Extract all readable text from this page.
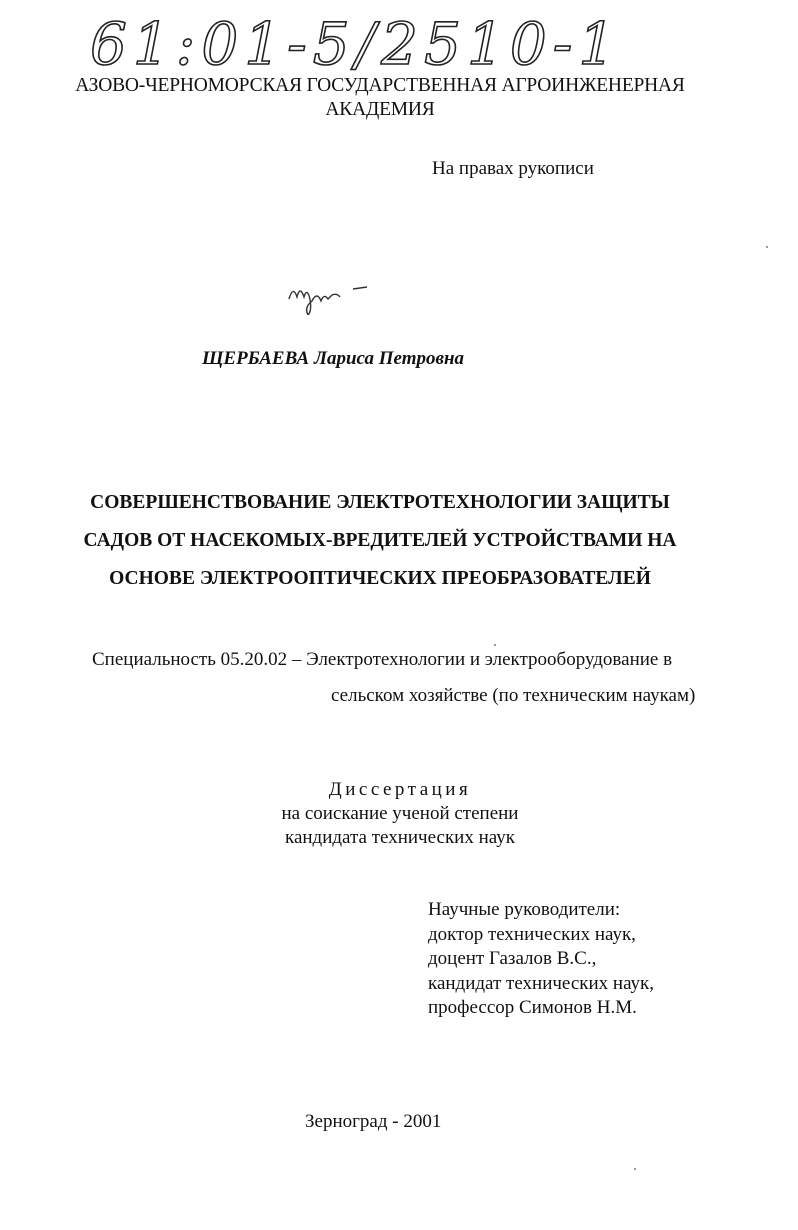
61:01-5/2510-1
АЗОВО-ЧЕРНОМОРСКАЯ ГОСУДАРСТВЕННАЯ АГРОИНЖЕНЕРНАЯ
АКАДЕМИЯ
На правах рукописи
ЩЕРБАЕВА Лариса Петровна
СОВЕРШЕНСТВОВАНИЕ ЭЛЕКТРОТЕХНОЛОГИИ ЗАЩИТЫ
САДОВ ОТ НАСЕКОМЫХ-ВРЕДИТЕЛЕЙ УСТРОЙСТВАМИ НА
ОСНОВЕ ЭЛЕКТРООПТИЧЕСКИХ ПРЕОБРАЗОВАТЕЛЕЙ
Специальность 05.20.02 – Электротехнологии и электрооборудование в
сельском хозяйстве (по техническим наукам)
Диссертация
на соискание ученой степени
кандидата технических наук
Научные руководители:
доктор технических наук,
доцент Газалов В.С.,
кандидат технических наук,
профессор Симонов Н.М.
Зерноград - 2001
